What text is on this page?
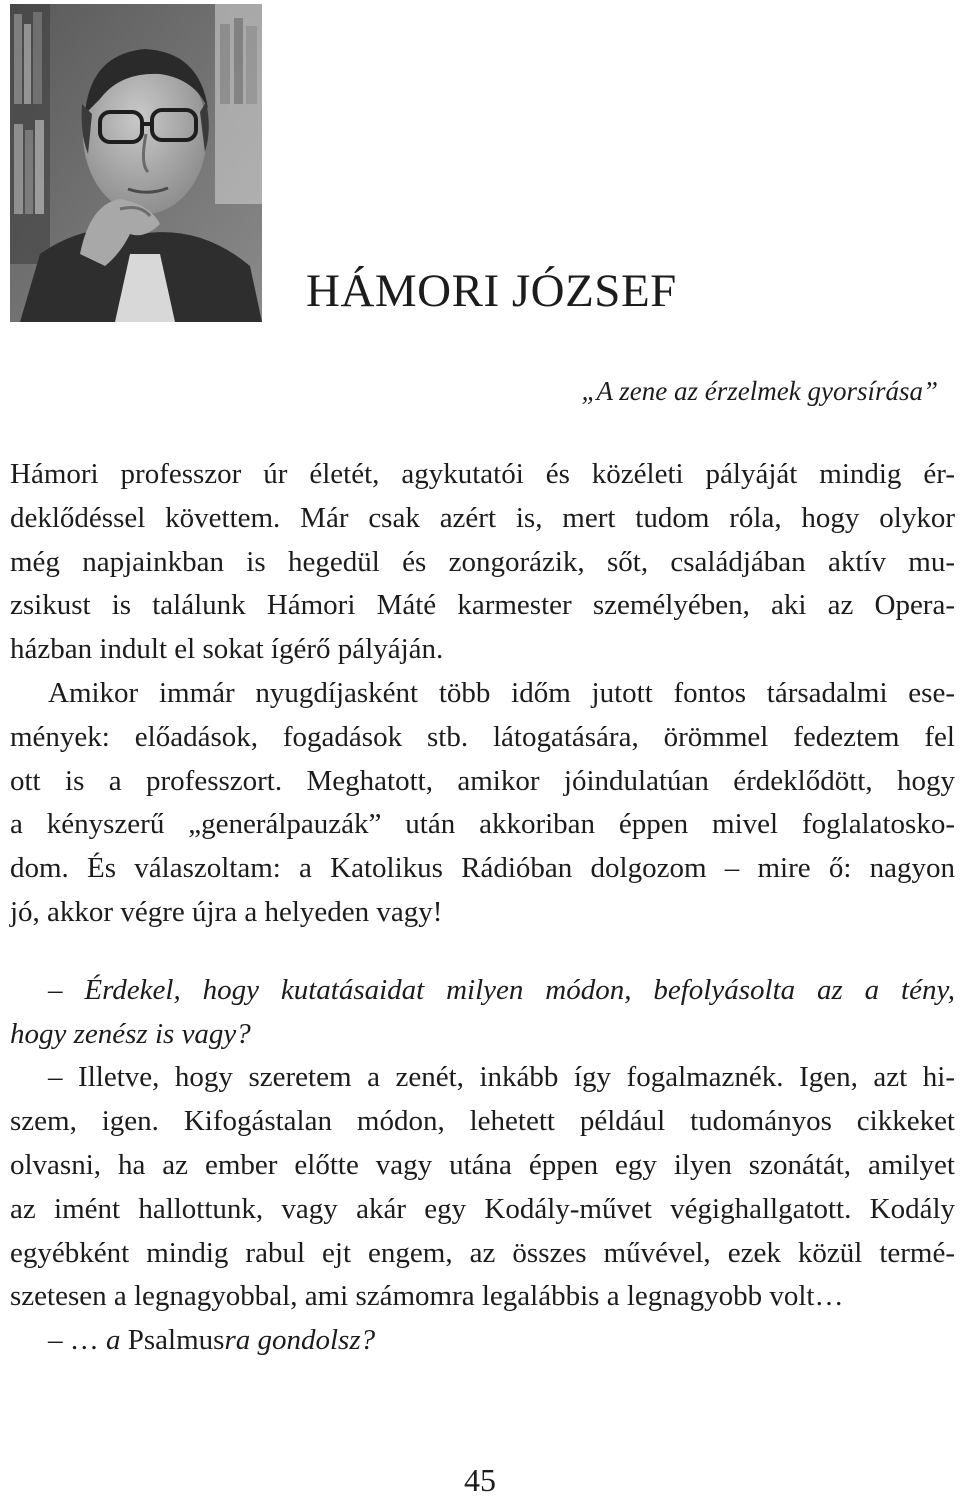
HÁMORI JÓZSEF

„A zene az érzelmek gyorsírása”

Hámori professzor úr életét, agykutatói és közéleti pályáját mindig ér-
deklődéssel követtem. Már csak azért is, mert tudom róla, hogy olykor
még napjainkban is hegedül és zongorázik, sőt, családjában aktív mu-
zsikust is találunk Hámori Máté karmester személyében, aki az Opera-
házban indult el sokat ígérő pályáján.
Amikor immár nyugdíjasként több időm jutott fontos társadalmi ese-
mények: előadások, fogadások stb. látogatására, örömmel fedeztem fel
ott is a professzort. Meghatott, amikor jóindulatúan érdeklődött, hogy
a kényszerű „generálpauzák” után akkoriban éppen mivel foglalatosko-
dom. És válaszoltam: a Katolikus Rádióban dolgozom – mire ő: nagyon
jó, akkor végre újra a helyeden vagy!
– Érdekel, hogy kutatásaidat milyen módon, befolyásolta az a tény,
hogy zenész is vagy?
– Illetve, hogy szeretem a zenét, inkább így fogalmaznék. Igen, azt hi-
szem, igen. Kifogástalan módon, lehetett például tudományos cikkeket
olvasni, ha az ember előtte vagy utána éppen egy ilyen szonátát, amilyet
az imént hallottunk, vagy akár egy Kodály-művet végighallgatott. Kodály
egyébként mindig rabul ejt engem, az összes művével, ezek közül termé-
szetesen a legnagyobbal, ami számomra legalábbis a legnagyobb volt…
– … a Psalmusra gondolsz?

45
